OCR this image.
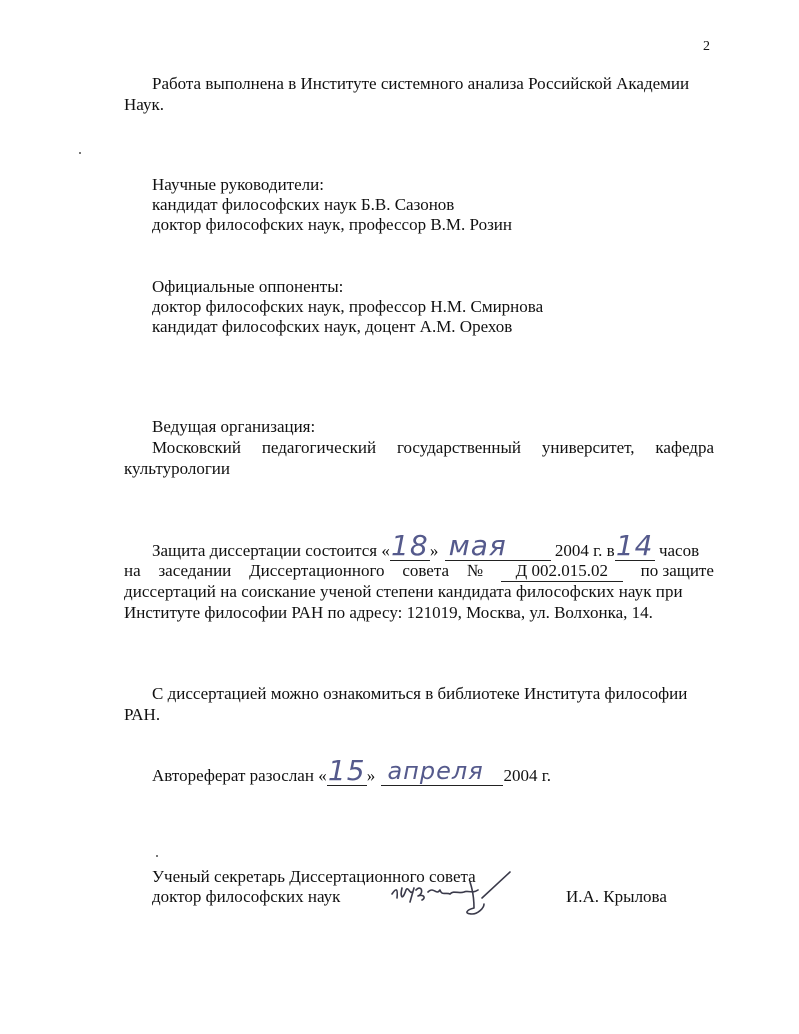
2
Работа выполнена в Институте системного анализа Российской Академии
Наук.
Научные руководители:
кандидат философских наук Б.В. Сазонов
доктор философских наук, профессор В.М. Розин
Официальные оппоненты:
доктор философских наук, профессор Н.М. Смирнова
кандидат философских наук, доцент А.М. Орехов
Ведущая организация:
Московский педагогический государственный университет, кафедра
культурологии
Защита диссертации состоится « 18 » мая	2004 г. в 14 часов
на заседании Диссертационного совета №	Д 002.015.02	по защите
диссертаций на соискание ученой степени кандидата философских наук при
Институте философии РАН по адресу: 121019, Москва, ул. Волхонка, 14.
С диссертацией можно ознакомиться в библиотеке Института философии
РАН.
Автореферат разослан « 15 » апреля	2004 г.
Ученый секретарь Диссертационного совета
доктор философских наук	И.А. Крылова
